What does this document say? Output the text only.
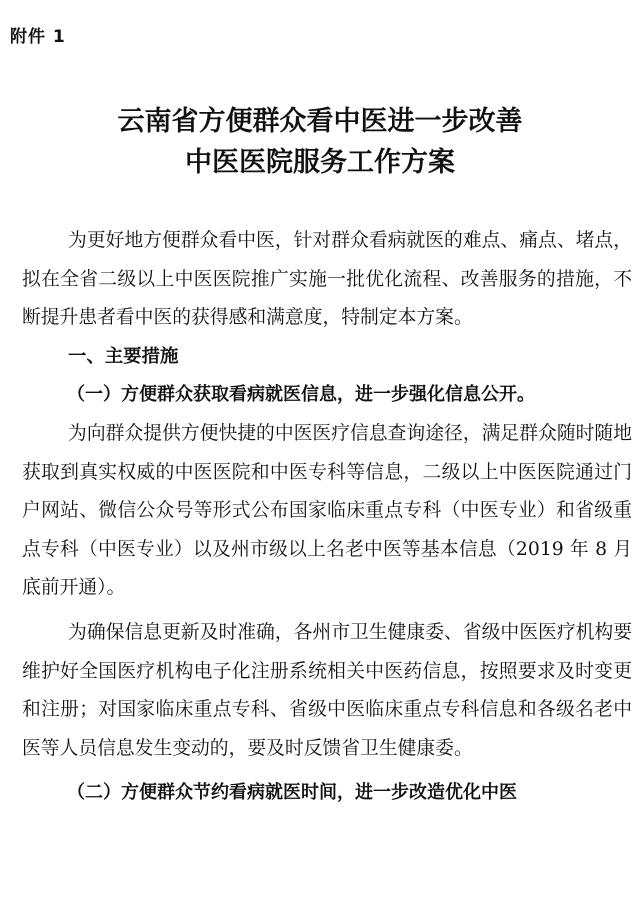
附件 1
云南省方便群众看中医进一步改善
中医医院服务工作方案

为更好地方便群众看中医，针对群众看病就医的难点、痛点、堵点，拟在全省二级以上中医医院推广实施一批优化流程、改善服务的措施，不断提升患者看中医的获得感和满意度，特制定本方案。

一、主要措施

（一）方便群众获取看病就医信息，进一步强化信息公开。

为向群众提供方便快捷的中医医疗信息查询途径，满足群众随时随地获取到真实权威的中医医院和中医专科等信息，二级以上中医医院通过门户网站、微信公众号等形式公布国家临床重点专科（中医专业）和省级重点专科（中医专业）以及州市级以上名老中医等基本信息（2019 年 8 月底前开通）。

为确保信息更新及时准确，各州市卫生健康委、省级中医医疗机构要维护好全国医疗机构电子化注册系统相关中医药信息，按照要求及时变更和注册；对国家临床重点专科、省级中医临床重点专科信息和各级名老中医等人员信息发生变动的，要及时反馈省卫生健康委。

（二）方便群众节约看病就医时间，进一步改造优化中医
